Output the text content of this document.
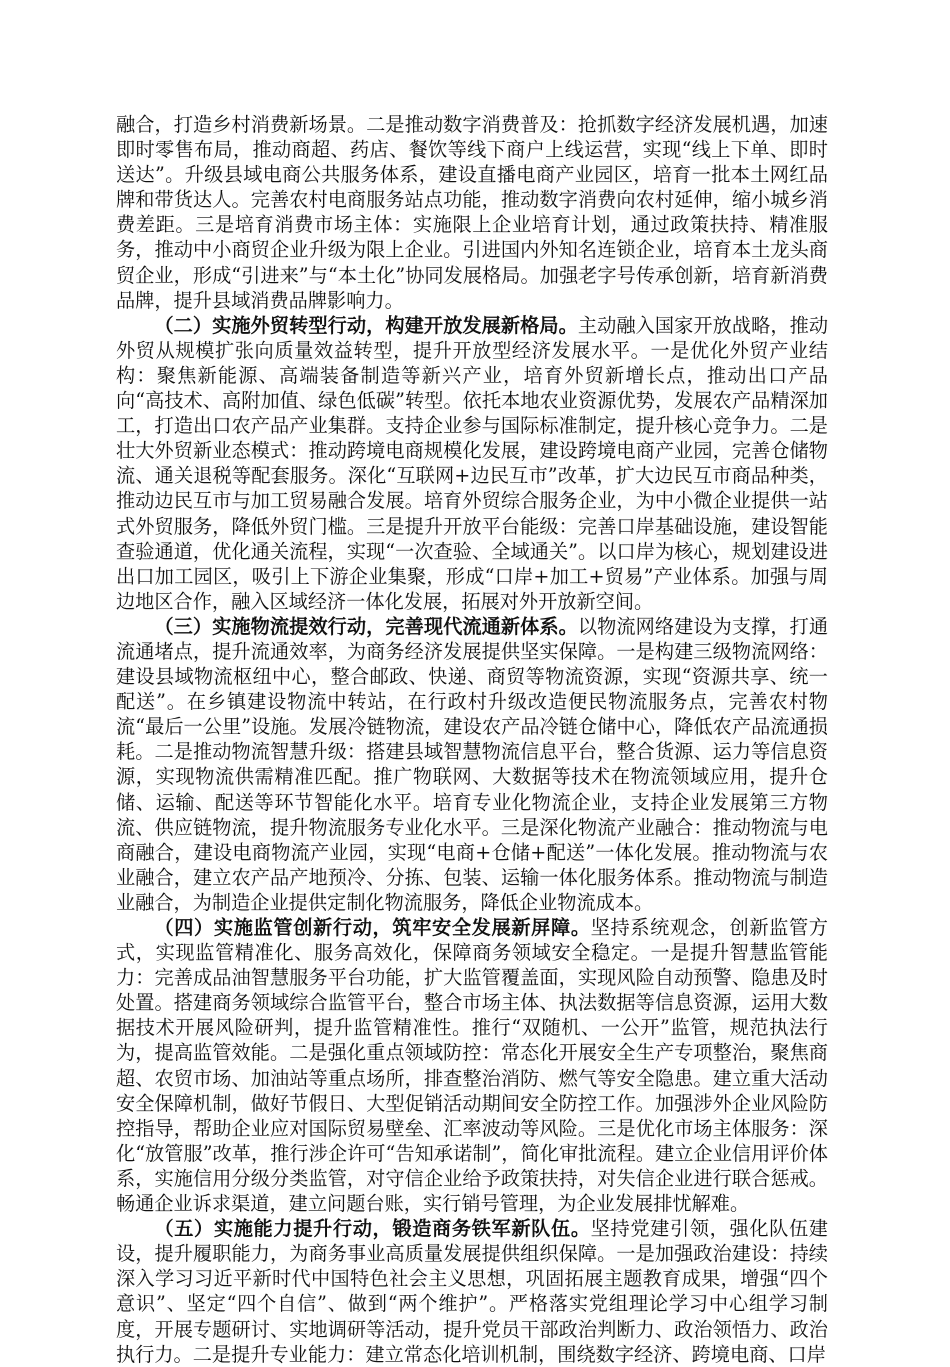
融合，打造乡村消费新场景。二是推动数字消费普及：抢抓数字经济发展机遇，加速即时零售布局，推动商超、药店、餐饮等线下商户上线运营，实现“线上下单、即时送达”。升级县域电商公共服务体系，建设直播电商产业园区，培育一批本土网红品牌和带货达人。完善农村电商服务站点功能，推动数字消费向农村延伸，缩小城乡消费差距。三是培育消费市场主体：实施限上企业培育计划，通过政策扶持、精准服务，推动中小商贸企业升级为限上企业。引进国内外知名连锁企业，培育本土龙头商贸企业，形成“引进来”与“本土化”协同发展格局。加强老字号传承创新，培育新消费品牌，提升县域消费品牌影响力。

（二）实施外贸转型行动，构建开放发展新格局。主动融入国家开放战略，推动外贸从规模扩张向质量效益转型，提升开放型经济发展水平。一是优化外贸产业结构：聚焦新能源、高端装备制造等新兴产业，培育外贸新增长点，推动出口产品向“高技术、高附加值、绿色低碳”转型。依托本地农业资源优势，发展农产品精深加工，打造出口农产品产业集群。支持企业参与国际标准制定，提升核心竞争力。二是壮大外贸新业态模式：推动跨境电商规模化发展，建设跨境电商产业园，完善仓储物流、通关退税等配套服务。深化“互联网+边民互市”改革，扩大边民互市商品种类，推动边民互市与加工贸易融合发展。培育外贸综合服务企业，为中小微企业提供一站式外贸服务，降低外贸门槛。三是提升开放平台能级：完善口岸基础设施，建设智能查验通道，优化通关流程，实现“一次查验、全域通关”。以口岸为核心，规划建设进出口加工园区，吸引上下游企业集聚，形成“口岸+加工+贸易”产业体系。加强与周边地区合作，融入区域经济一体化发展，拓展对外开放新空间。

（三）实施物流提效行动，完善现代流通新体系。以物流网络建设为支撑，打通流通堵点，提升流通效率，为商务经济发展提供坚实保障。一是构建三级物流网络：建设县域物流枢纽中心，整合邮政、快递、商贸等物流资源，实现“资源共享、统一配送”。在乡镇建设物流中转站，在行政村升级改造便民物流服务点，完善农村物流“最后一公里”设施。发展冷链物流，建设农产品冷链仓储中心，降低农产品流通损耗。二是推动物流智慧升级：搭建县域智慧物流信息平台，整合货源、运力等信息资源，实现物流供需精准匹配。推广物联网、大数据等技术在物流领域应用，提升仓储、运输、配送等环节智能化水平。培育专业化物流企业，支持企业发展第三方物流、供应链物流，提升物流服务专业化水平。三是深化物流产业融合：推动物流与电商融合，建设电商物流产业园，实现“电商+仓储+配送”一体化发展。推动物流与农业融合，建立农产品产地预冷、分拣、包装、运输一体化服务体系。推动物流与制造业融合，为制造企业提供定制化物流服务，降低企业物流成本。

（四）实施监管创新行动，筑牢安全发展新屏障。坚持系统观念，创新监管方式，实现监管精准化、服务高效化，保障商务领域安全稳定。一是提升智慧监管能力：完善成品油智慧服务平台功能，扩大监管覆盖面，实现风险自动预警、隐患及时处置。搭建商务领域综合监管平台，整合市场主体、执法数据等信息资源，运用大数据技术开展风险研判，提升监管精准性。推行“双随机、一公开”监管，规范执法行为，提高监管效能。二是强化重点领域防控：常态化开展安全生产专项整治，聚焦商超、农贸市场、加油站等重点场所，排查整治消防、燃气等安全隐患。建立重大活动安全保障机制，做好节假日、大型促销活动期间安全防控工作。加强涉外企业风险防控指导，帮助企业应对国际贸易壁垒、汇率波动等风险。三是优化市场主体服务：深化“放管服”改革，推行涉企许可“告知承诺制”，简化审批流程。建立企业信用评价体系，实施信用分级分类监管，对守信企业给予政策扶持，对失信企业进行联合惩戒。畅通企业诉求渠道，建立问题台账，实行销号管理，为企业发展排忧解难。

（五）实施能力提升行动，锻造商务铁军新队伍。坚持党建引领，强化队伍建设，提升履职能力，为商务事业高质量发展提供组织保障。一是加强政治建设：持续深入学习习近平新时代中国特色社会主义思想，巩固拓展主题教育成果，增强“四个意识”、坚定“四个自信”、做到“两个维护”。严格落实党组理论学习中心组学习制度，开展专题研讨、实地调研等活动，提升党员干部政治判断力、政治领悟力、政治执行力。二是提升专业能力：建立常态化培训机制，围绕数字经济、跨境电商、口岸
